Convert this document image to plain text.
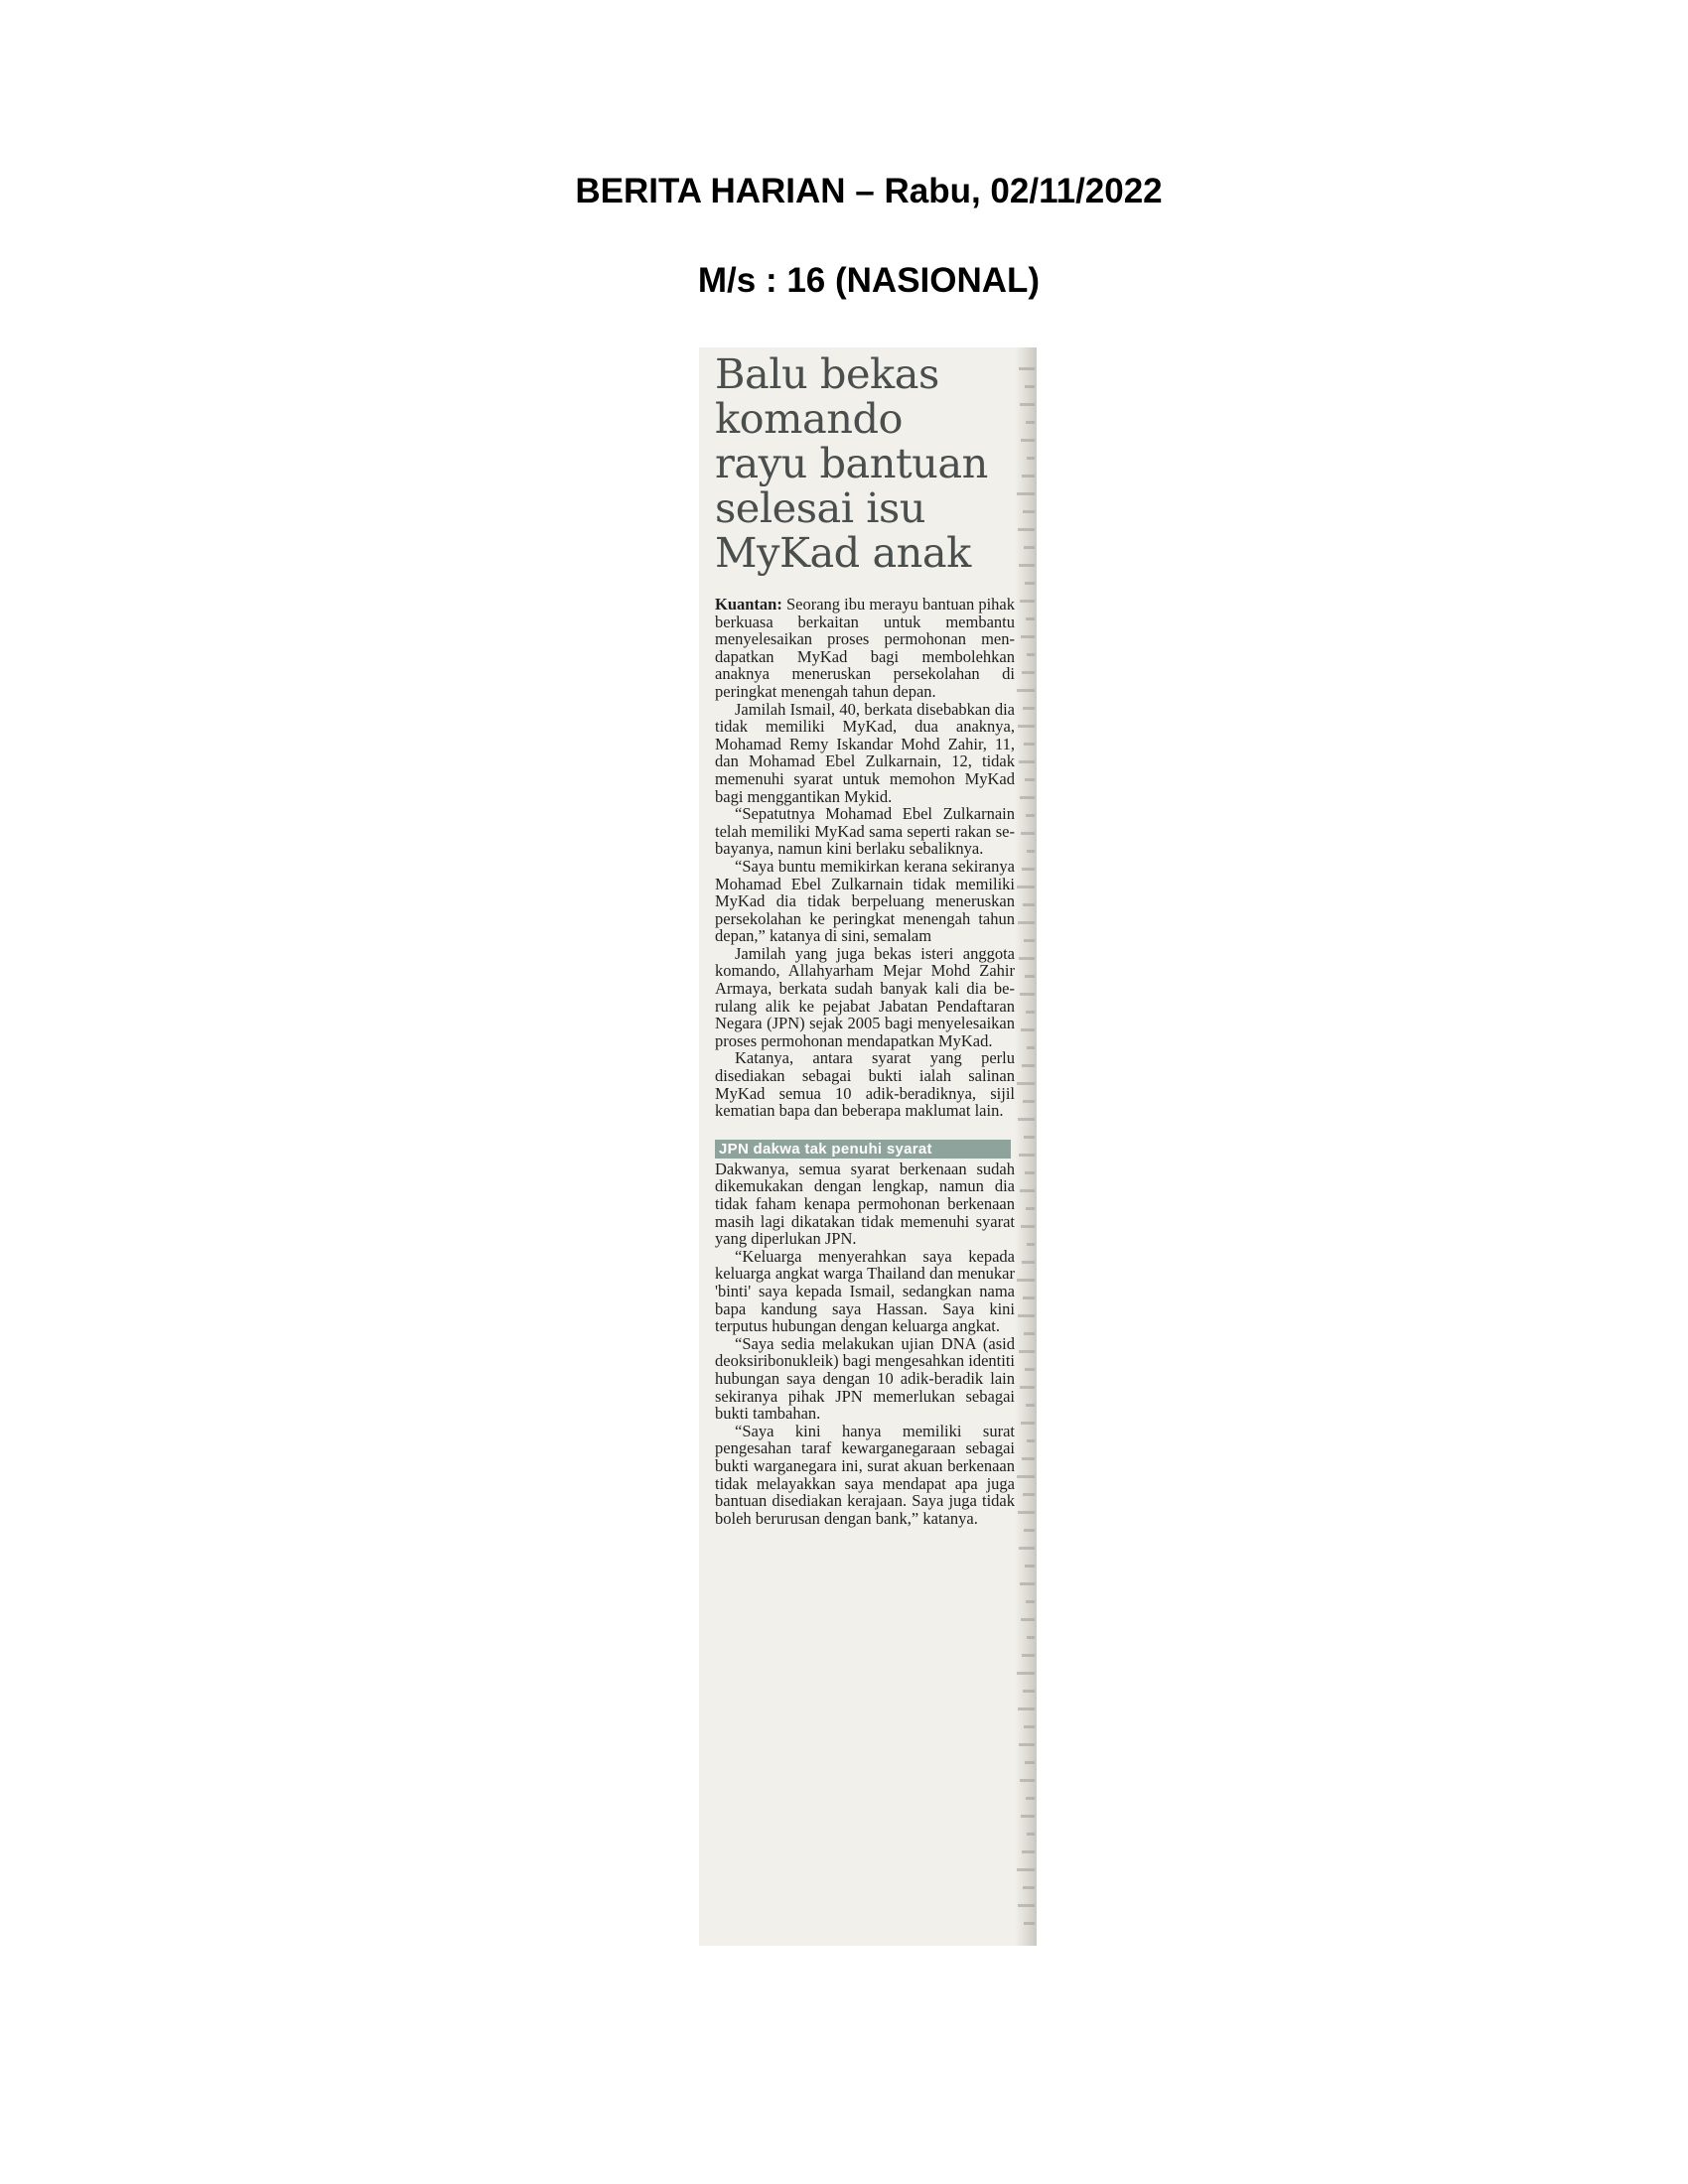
BERITA HARIAN – Rabu, 02/11/2022
M/s : 16 (NASIONAL)
Balu bekas
komando
rayu bantuan
selesai isu
MyKad anak

Kuantan: Seorang ibu merayu bantuan pihak berkuasa berkaitan untuk membantu menyelesaikan proses permohonan mendapatkan MyKad bagi membolehkan anaknya meneruskan persekolahan di peringkat menengah tahun depan.

Jamilah Ismail, 40, berkata disebabkan dia tidak memiliki MyKad, dua anaknya, Mohamad Remy Iskandar Mohd Zahir, 11, dan Mohamad Ebel Zulkarnain, 12, tidak memenuhi syarat untuk memohon MyKad bagi menggantikan Mykid.

“Sepatutnya Mohamad Ebel Zulkarnain telah memiliki MyKad sama seperti rakan sebayanya, namun kini berlaku sebaliknya.

“Saya buntu memikirkan kerana sekiranya Mohamad Ebel Zulkarnain tidak memiliki MyKad dia tidak berpeluang meneruskan persekolahan ke peringkat menengah tahun depan,” katanya di sini, semalam

Jamilah yang juga bekas isteri anggota komando, Allahyarham Mejar Mohd Zahir Armaya, berkata sudah banyak kali dia berulang alik ke pejabat Jabatan Pendaftaran Negara (JPN) sejak 2005 bagi menyelesaikan proses permohonan mendapatkan MyKad.

Katanya, antara syarat yang perlu disediakan sebagai bukti ialah salinan MyKad semua 10 adik-beradiknya, sijil kematian bapa dan beberapa maklumat lain.

JPN dakwa tak penuhi syarat

Dakwanya, semua syarat berkenaan sudah dikemukakan dengan lengkap, namun dia tidak faham kenapa permohonan berkenaan masih lagi dikatakan tidak memenuhi syarat yang diperlukan JPN.

“Keluarga menyerahkan saya kepada keluarga angkat warga Thailand dan menukar 'binti' saya kepada Ismail, sedangkan nama bapa kandung saya Hassan. Saya kini terputus hubungan dengan keluarga angkat.

“Saya sedia melakukan ujian DNA (asid deoksiribonukleik) bagi mengesahkan identiti hubungan saya dengan 10 adik-beradik lain sekiranya pihak JPN memerlukan sebagai bukti tambahan.

“Saya kini hanya memiliki surat pengesahan taraf kewarganegaraan sebagai bukti warganegara ini, surat akuan berkenaan tidak melayakkan saya mendapat apa juga bantuan disediakan kerajaan. Saya juga tidak boleh berurusan dengan bank,” katanya.
